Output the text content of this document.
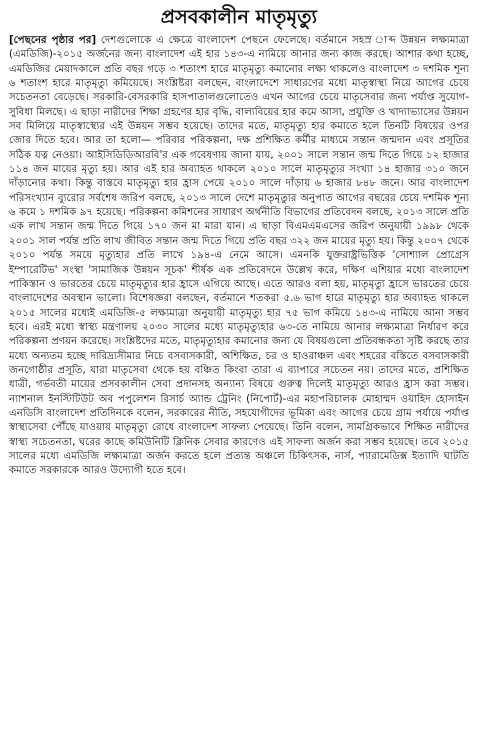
প্রসবকালীন মাতৃমৃত্যু

[পেছনের পৃষ্ঠার পর] দেশগুলোকে এ ক্ষেত্রে বাংলাদেশ পেছনে ফেলেছে। বর্তমানে সহস্র াব্দ উন্নয়ন লক্ষ্যমাত্রা (এমডিজি)-২০১৫ অর্জনের জন্য বাংলাদেশ এই হার ১৪৩-এ নামিয়ে আনার জন্য কাজ করছে। আশার কথা হচ্ছে, এমডিজির মেয়াদকালে প্রতি বছর গড়ে ৩ শতাংশ হারে মাতৃমৃত্যু কমানোর লক্ষ্য থাকলেও বাংলাদেশ ৩ দশমিক শূন্য ৬ শতাংশ হারে মাতৃমৃত্যু কমিয়েছে। সংশ্লিষ্টরা বলছেন, বাংলাদেশে সাধারণের মধ্যে মাতৃস্বাস্থ্য নিয়ে আগের চেয়ে সচেতনতা বেড়েছে। সরকারি-বেসরকারি হাসপাতালগুলোতেও এখন আগের চেয়ে মাতৃসেবার জন্য পর্যাপ্ত সুযোগ-সুবিধা মিলছে। এ ছাড়া নারীদের শিক্ষা গ্রহণের হার বৃদ্ধি, বাল্যবিয়ের হার কমে আসা, প্রযুক্তি ও খাদ্যাভ্যাসের উন্নয়ন সব মিলিয়ে মাতৃস্বাস্থ্যের এই উন্নয়ন সম্ভব হয়েছে। তাদের মতে, মাতৃমৃত্যু হার কমাতে হলে তিনটি বিষয়ের ওপর জোর দিতে হবে। আর তা হলো— পরিবার পরিকল্পনা, দক্ষ প্রশিক্ষিত কর্মীর মাধ্যমে সন্তান জন্মদান এবং প্রসূতির সঠিক যত্ন নেওয়া। আইসিডিডিআরবি'র এক গবেষণায় জানা যায়, ২০০১ সালে সন্তান জন্ম দিতে গিয়ে ১২ হাজার ১১৪ জন মায়ের মৃত্যু হয়। আর এই হার অব্যাহত থাকলে ২০১০ সালে মাতৃমৃত্যুর সংখ্যা ১৪ হাজার ৩১০ জনে দাঁড়ানোর কথা। কিন্তু বাস্তবে মাতৃমৃত্যু হার হ্রাস পেয়ে ২০১০ সালে দাঁড়ায় ৬ হাজার ৮৪৮ জনে। আর বাংলাদেশ পরিসংখ্যান ব্যুরোর সর্বশেষ জরিপ বলছে, ২০১৩ সালে দেশে মাতৃমৃত্যুর অনুপাত আগের বছরের চেয়ে দশমিক শূন্য ৬ কমে ১ দশমিক ৯৭ হয়েছে। পরিকল্পনা কমিশনের সাধারণ অর্থনীতি বিভাগের প্রতিবেদন বলছে, ২০১৩ সালে প্রতি এক লাখ সন্তান জন্ম দিতে গিয়ে ১৭০ জন মা মারা যান। এ ছাড়া বিএমএমএসের জরিপ অনুযায়ী ১৯৯৮ থেকে ২০০১ সাল পর্যন্ত প্রতি লাখ জীবিত সন্তান জন্ম দিতে গিয়ে প্রতি বছর ৩২২ জন মায়ের মৃত্যু হয়। কিন্তু ২০০৭ থেকে ২০১০ পর্যন্ত সময়ে মৃত্যুহার প্রতি লাখে ১৯৪-এ নেমে আসে। এমনকি যুক্তরাষ্ট্রভিত্তিক 'সোশ্যাল প্রোগ্রেস ইম্পারেটিভ' সংস্থা 'সামাজিক উন্নয়ন সূচক' শীর্ষক এক প্রতিবেদনে উল্লেখ করে, দক্ষিণ এশিয়ার মধ্যে বাংলাদেশ পাকিস্তান ও ভারতের চেয়ে মাতৃমৃত্যুর হার হ্রাসে এগিয়ে আছে। এতে আরও বলা হয়, মাতৃমৃত্যু হ্রাসে ভারতের চেয়ে বাংলাদেশের অবস্থান ভালো। বিশেষজ্ঞরা বলছেন, বর্তমানে শতকরা ৫.৬ ভাগ হারে মাতৃমৃত্যু হার অব্যাহত থাকলে ২০১৫ সালের মধ্যেই এমডিজি-৫ লক্ষ্যমাত্রা অনুযায়ী মাতৃমৃত্যু হার ৭৫ ভাগ কমিয়ে ১৪৩-এ নামিয়ে আনা সম্ভব হবে। এরই মধ্যে স্বাস্থ্য মন্ত্রণালয় ২০৩০ সালের মধ্যে মাতৃমৃত্যুহার ৬৩-তে নামিয়ে আনার লক্ষ্যমাত্রা নির্ধারণ করে পরিকল্পনা প্রণয়ন করেছে। সংশ্লিষ্টদের মতে, মাতৃমৃত্যুহার কমানোর জন্য যে বিষয়গুলো প্রতিবন্ধকতা সৃষ্টি করছে তার মধ্যে অন্যতম হচ্ছে দারিদ্র্যসীমার নিচে বসবাসকারী, অশিক্ষিত, চর ও হাওরাঞ্চল এবং শহরের বস্তিতে বসবাসকারী জনগোষ্ঠীর প্রসূতি, যারা মাতৃসেবা থেকে হয় বঞ্চিত কিংবা তারা এ ব্যাপারে সচেতন নয়। তাদের মতে, প্রশিক্ষিত ধাত্রী, গর্ভবতী মায়ের প্রসবকালীন সেবা প্রদানসহ অন্যান্য বিষয়ে গুরুত্ব দিলেই মাতৃমৃত্যু আরও হ্রাস করা সম্ভব। ন্যাশনাল ইনস্টিটিউট অব পপুলেশন রিসার্চ অ্যান্ড ট্রেনিং (নিপোর্ট)-এর মহাপরিচালক মোহাম্মদ ওয়াহিদ হোসাইন এনডিসি বাংলাদেশ প্রতিদিনকে বলেন, সরকারের নীতি, সহযোগীদের ভূমিকা এবং আগের চেয়ে গ্রাম পর্যায়ে পর্যাপ্ত স্বাস্থ্যসেবা পৌঁছে যাওয়ায় মাতৃমৃত্যু রোধে বাংলাদেশ সাফল্য পেয়েছে। তিনি বলেন, সামগ্রিকভাবে শিক্ষিত নারীদের স্বাস্থ্য সচেতনতা, ঘরের কাছে কমিউনিটি ক্লিনিক সেবার কারণেও এই সাফল্য অর্জন করা সম্ভব হয়েছে। তবে ২০১৫ সালের মধ্যে এমডিজি লক্ষ্যমাত্রা অর্জন করতে হলে প্রত্যন্ত অঞ্চলে চিকিৎসক, নার্স, প্যারামেডিক্স ইত্যাদি ঘাটতি কমাতে সরকারকে আরও উদ্যোগী হতে হবে।
